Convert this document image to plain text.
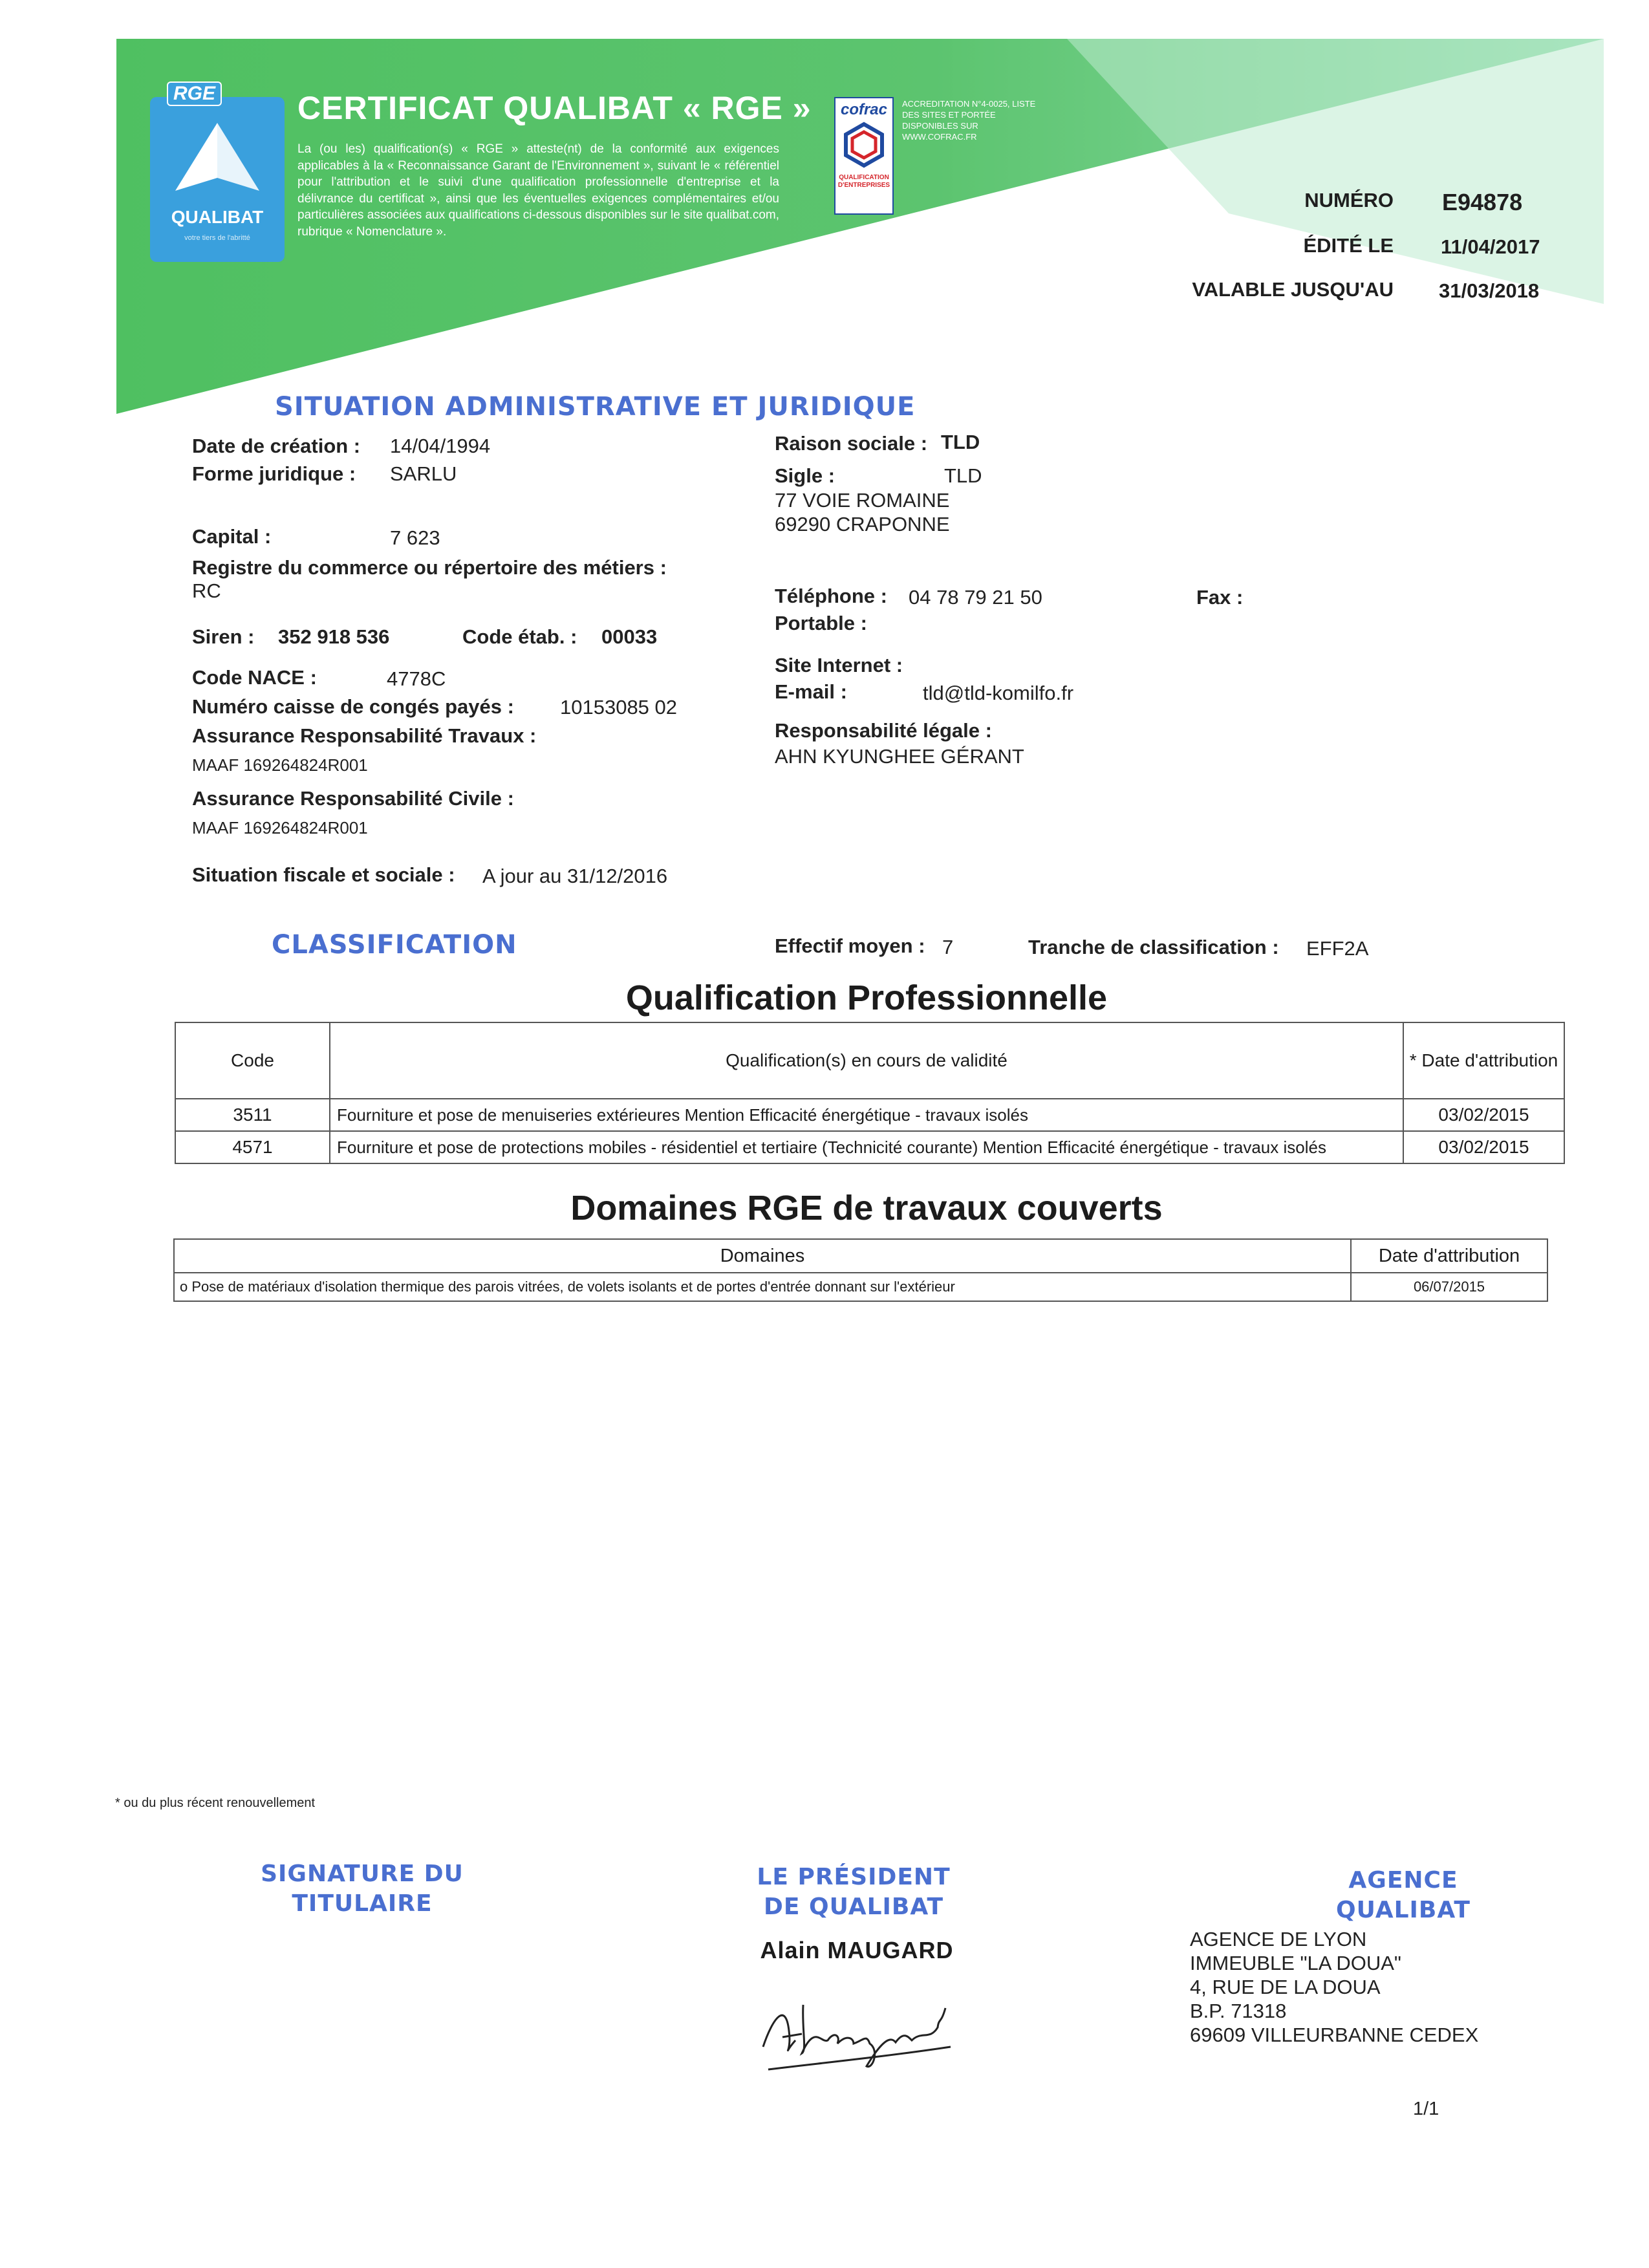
RGE
QUALIBAT
votre tiers de l'abritté
CERTIFICAT QUALIBAT « RGE »
La (ou les) qualification(s) « RGE » atteste(nt) de la conformité aux exigences applicables à la « Reconnaissance Garant de l'Environnement », suivant le « référentiel pour l'attribution et le suivi d'une qualification professionnelle d'entreprise et la délivrance du certificat », ainsi que les éventuelles exigences complémentaires et/ou particulières associées aux qualifications ci-dessous disponibles sur le site qualibat.com, rubrique « Nomenclature ».
cofrac
QUALIFICATION D'ENTREPRISES
ACCREDITATION N°4-0025, LISTE DES SITES ET PORTÉE DISPONIBLES SUR WWW.COFRAC.FR
NUMÉRO E94878
ÉDITÉ LE 11/04/2017
VALABLE JUSQU'AU 31/03/2018
SITUATION ADMINISTRATIVE ET JURIDIQUE
Date de création : 14/04/1994
Forme juridique : SARLU
Capital :	7 623
Registre du commerce ou répertoire des métiers :
RC
Siren : 352 918 536	Code étab. : 00033
Code NACE :	4778C
Numéro caisse de congés payés : 10153085 02
Assurance Responsabilité Travaux :
MAAF 169264824R001
Assurance Responsabilité Civile :
MAAF 169264824R001
Situation fiscale et sociale : A jour au 31/12/2016
Raison sociale : TLD
Sigle :	TLD
77 VOIE ROMAINE
69290 CRAPONNE
Téléphone : 04 78 79 21 50	Fax :
Portable :
Site Internet :
E-mail :	tld@tld-komilfo.fr
Responsabilité légale :
AHN KYUNGHEE GÉRANT
CLASSIFICATION	Effectif moyen : 7	Tranche de classification : EFF2A
Qualification Professionnelle
Code	Qualification(s) en cours de validité	* Date d'attribution
3511	Fourniture et pose de menuiseries extérieures Mention Efficacité énergétique - travaux isolés	03/02/2015
4571	Fourniture et pose de protections mobiles - résidentiel et tertiaire (Technicité courante) Mention Efficacité énergétique - travaux isolés	03/02/2015
Domaines RGE de travaux couverts
Domaines	Date d'attribution
o Pose de matériaux d'isolation thermique des parois vitrées, de volets isolants et de portes d'entrée donnant sur l'extérieur	06/07/2015
* ou du plus récent renouvellement
SIGNATURE DU TITULAIRE
LE PRÉSIDENT DE QUALIBAT
Alain MAUGARD
AGENCE QUALIBAT
AGENCE DE LYON
IMMEUBLE "LA DOUA"
4, RUE DE LA DOUA
B.P. 71318
69609 VILLEURBANNE CEDEX
1/1
